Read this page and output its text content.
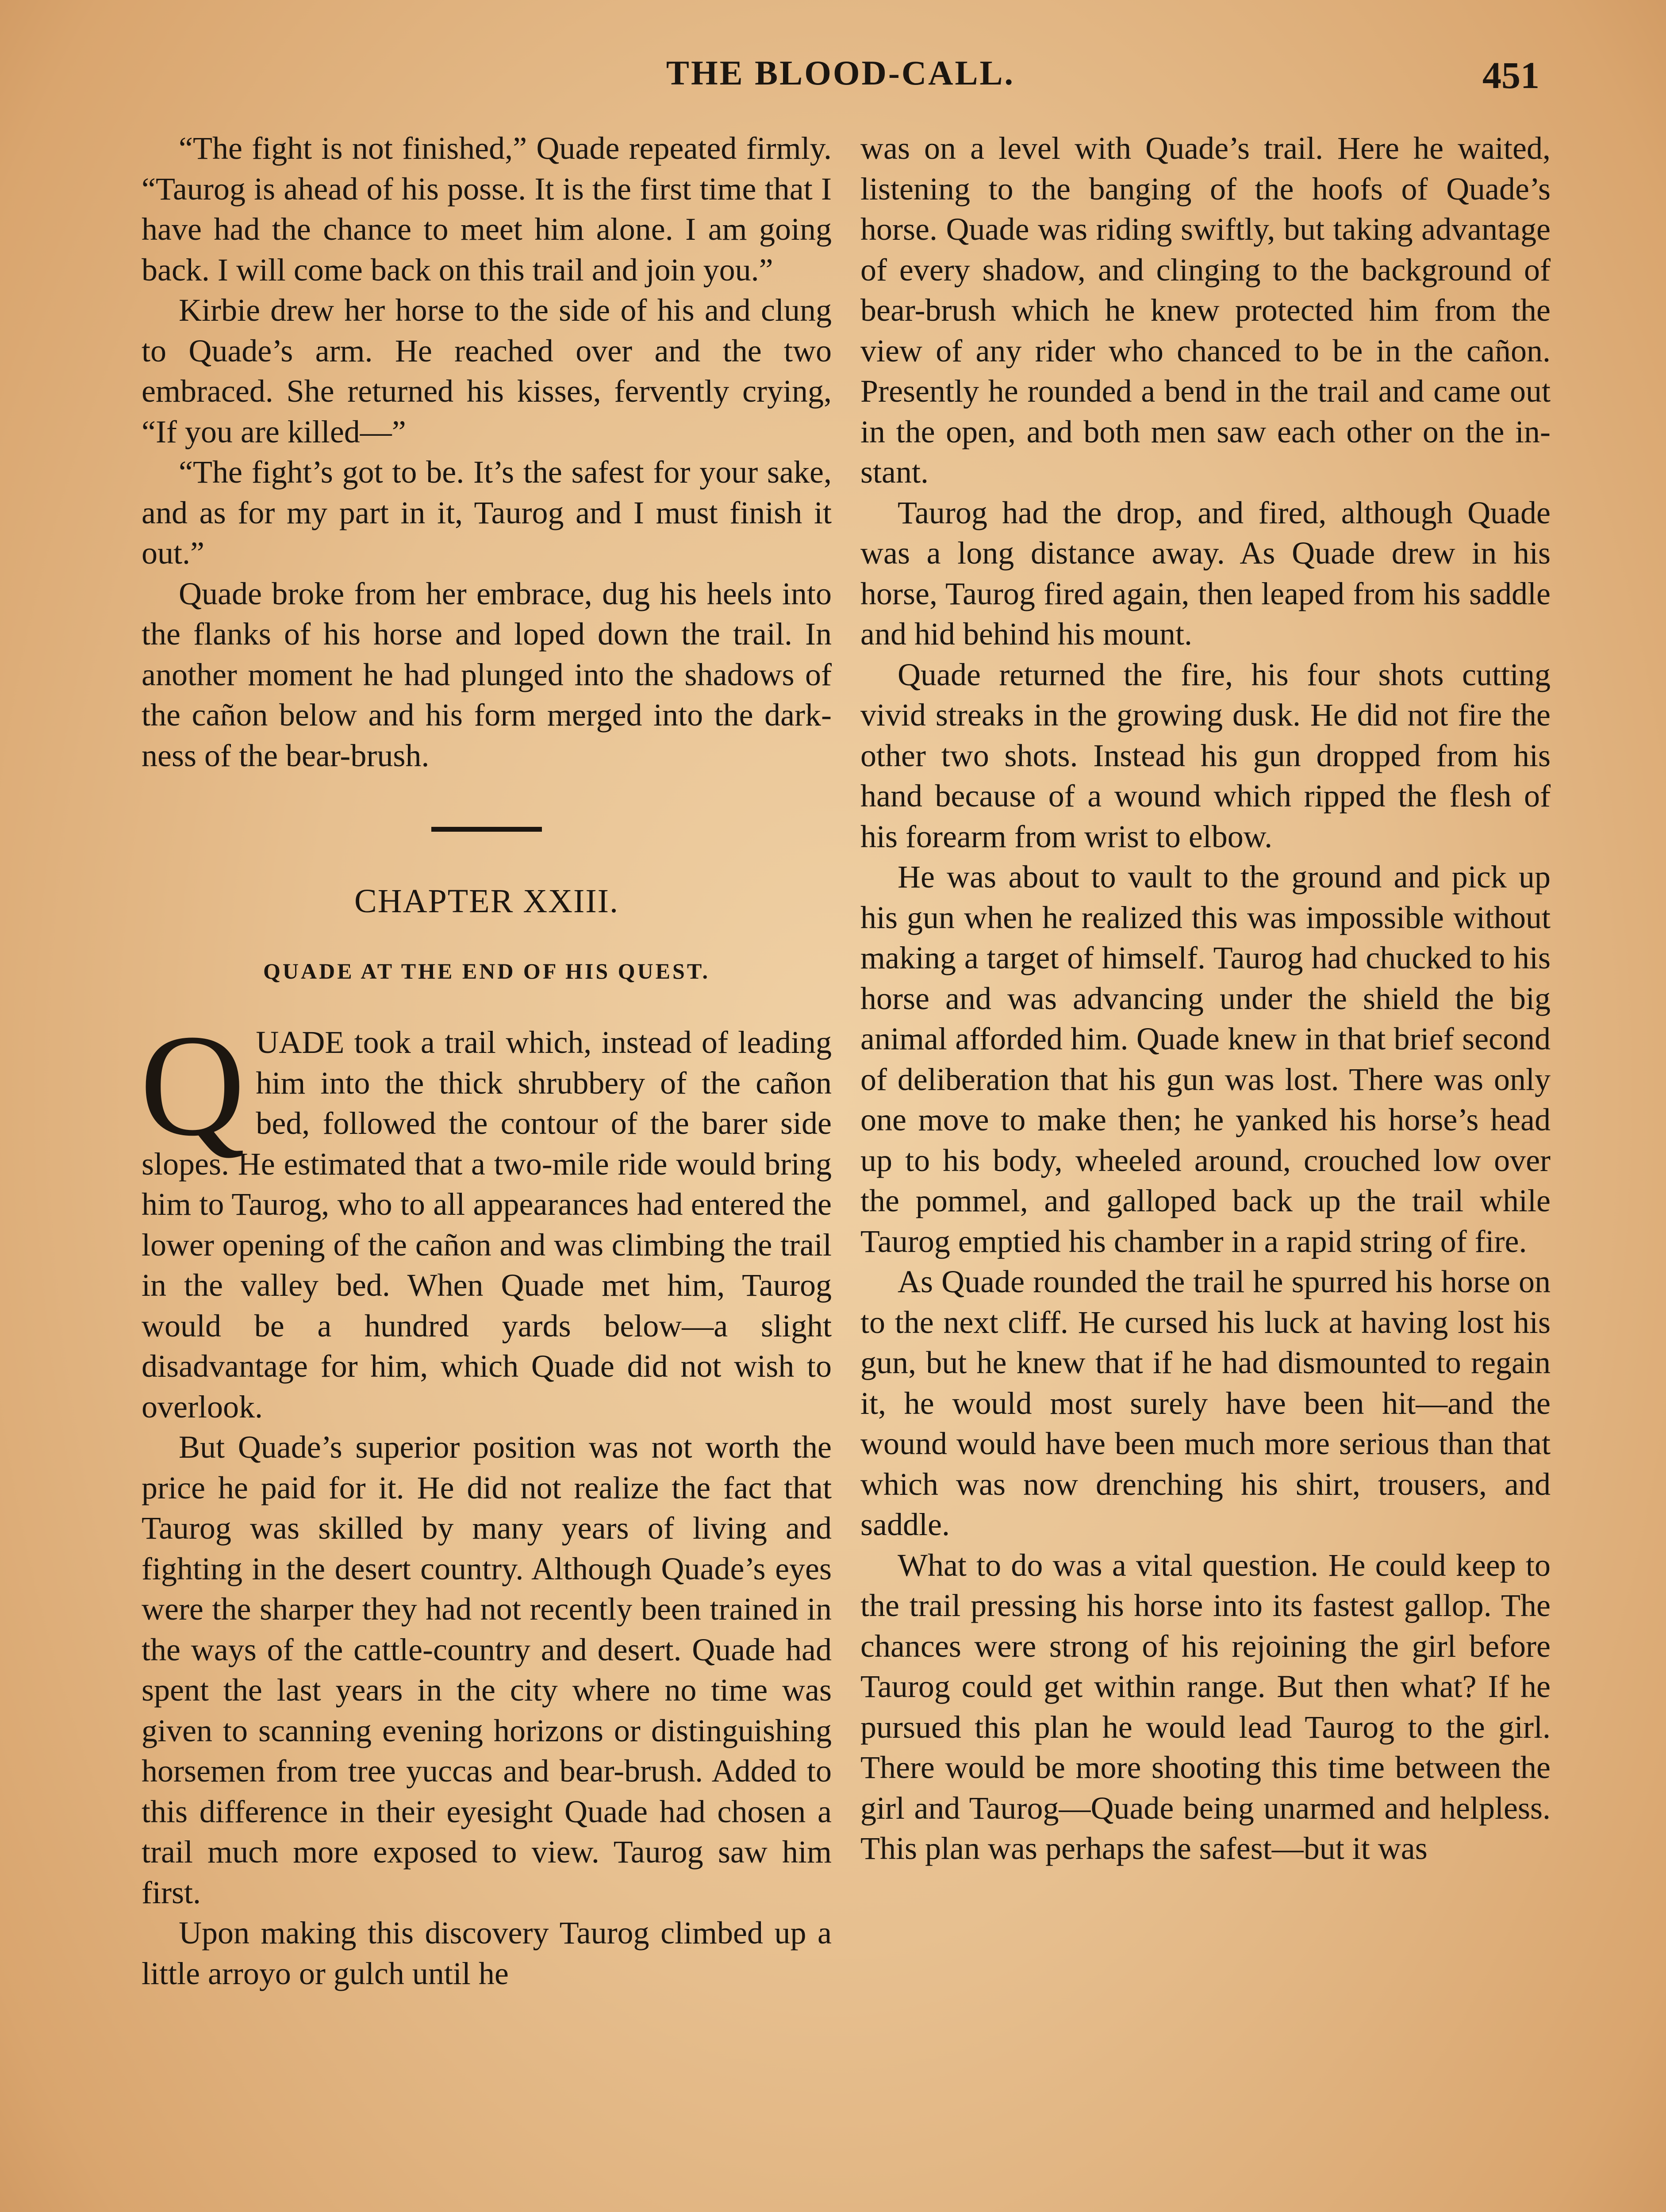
THE BLOOD-CALL.	451

“The fight is not finished,” Quade repeated firmly. “Taurog is ahead of his posse. It is the first time that I have had the chance to meet him alone. I am going back. I will come back on this trail and join you.”

Kirbie drew her horse to the side of his and clung to Quade’s arm. He reached over and the two embraced. She returned his kisses, fervently crying, “If you are killed—”

“The fight’s got to be. It’s the safest for your sake, and as for my part in it, Taurog and I must finish it out.”

Quade broke from her embrace, dug his heels into the flanks of his horse and loped down the trail. In another moment he had plunged into the shadows of the cañon below and his form merged into the darkness of the bear-brush.

CHAPTER XXIII.
QUADE AT THE END OF HIS QUEST.

QUADE took a trail which, instead of leading him into the thick shrubbery of the cañon bed, followed the contour of the barer side slopes. He estimated that a two-mile ride would bring him to Taurog, who to all appearances had entered the lower opening of the cañon and was climbing the trail in the valley bed. When Quade met him, Taurog would be a hundred yards below—a slight disadvantage for him, which Quade did not wish to overlook.

But Quade’s superior position was not worth the price he paid for it. He did not realize the fact that Taurog was skilled by many years of living and fighting in the desert country. Although Quade’s eyes were the sharper they had not recently been trained in the ways of the cattle-country and desert. Quade had spent the last years in the city where no time was given to scanning evening horizons or distinguishing horsemen from tree yuccas and bear-brush. Added to this difference in their eyesight Quade had chosen a trail much more exposed to view. Taurog saw him first.

Upon making this discovery Taurog climbed up a little arroyo or gulch until he

was on a level with Quade’s trail. Here he waited, listening to the banging of the hoofs of Quade’s horse. Quade was riding swiftly, but taking advantage of every shadow, and clinging to the background of bear-brush which he knew protected him from the view of any rider who chanced to be in the cañon. Presently he rounded a bend in the trail and came out in the open, and both men saw each other on the instant.

Taurog had the drop, and fired, although Quade was a long distance away. As Quade drew in his horse, Taurog fired again, then leaped from his saddle and hid behind his mount.

Quade returned the fire, his four shots cutting vivid streaks in the growing dusk. He did not fire the other two shots. Instead his gun dropped from his hand because of a wound which ripped the flesh of his forearm from wrist to elbow.

He was about to vault to the ground and pick up his gun when he realized this was impossible without making a target of himself. Taurog had chucked to his horse and was advancing under the shield the big animal afforded him. Quade knew in that brief second of deliberation that his gun was lost. There was only one move to make then; he yanked his horse’s head up to his body, wheeled around, crouched low over the pommel, and galloped back up the trail while Taurog emptied his chamber in a rapid string of fire.

As Quade rounded the trail he spurred his horse on to the next cliff. He cursed his luck at having lost his gun, but he knew that if he had dismounted to regain it, he would most surely have been hit—and the wound would have been much more serious than that which was now drenching his shirt, trousers, and saddle.

What to do was a vital question. He could keep to the trail pressing his horse into its fastest gallop. The chances were strong of his rejoining the girl before Taurog could get within range. But then what? If he pursued this plan he would lead Taurog to the girl. There would be more shooting this time between the girl and Taurog—Quade being unarmed and helpless. This plan was perhaps the safest—but it was
